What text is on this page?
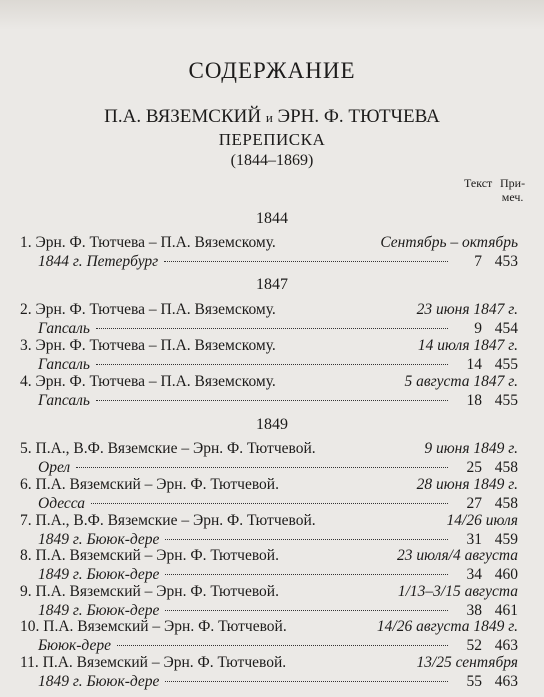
СОДЕРЖАНИЕ
П.А. ВЯЗЕМСКИЙ и ЭРН. Ф. ТЮТЧЕВА
ПЕРЕПИСКА
(1844–1869)
Текст При-
меч.
1844
1. Эрн. Ф. Тютчева – П.А. Вяземскому.	Сентябрь – октябрь
1844 г. Петербург	7 453
1847
2. Эрн. Ф. Тютчева – П.А. Вяземскому.	23 июня 1847 г.
Гапсаль	9 454
3. Эрн. Ф. Тютчева – П.А. Вяземскому.	14 июля 1847 г.
Гапсаль	14 455
4. Эрн. Ф. Тютчева – П.А. Вяземскому.	5 августа 1847 г.
Гапсаль	18 455
1849
5. П.А., В.Ф. Вяземские – Эрн. Ф. Тютчевой.	9 июня 1849 г.
Орел	25 458
6. П.А. Вяземский – Эрн. Ф. Тютчевой.	28 июня 1849 г.
Одесса	27 458
7. П.А., В.Ф. Вяземские – Эрн. Ф. Тютчевой.	14/26 июля
1849 г. Бююк-дере	31 459
8. П.А. Вяземский – Эрн. Ф. Тютчевой.	23 июля/4 августа
1849 г. Бююк-дере	34 460
9. П.А. Вяземский – Эрн. Ф. Тютчевой.	1/13–3/15 августа
1849 г. Бююк-дере	38 461
10. П.А. Вяземский – Эрн. Ф. Тютчевой.	14/26 августа 1849 г.
Бююк-дере	52 463
11. П.А. Вяземский – Эрн. Ф. Тютчевой.	13/25 сентября
1849 г. Бююк-дере	55 463
